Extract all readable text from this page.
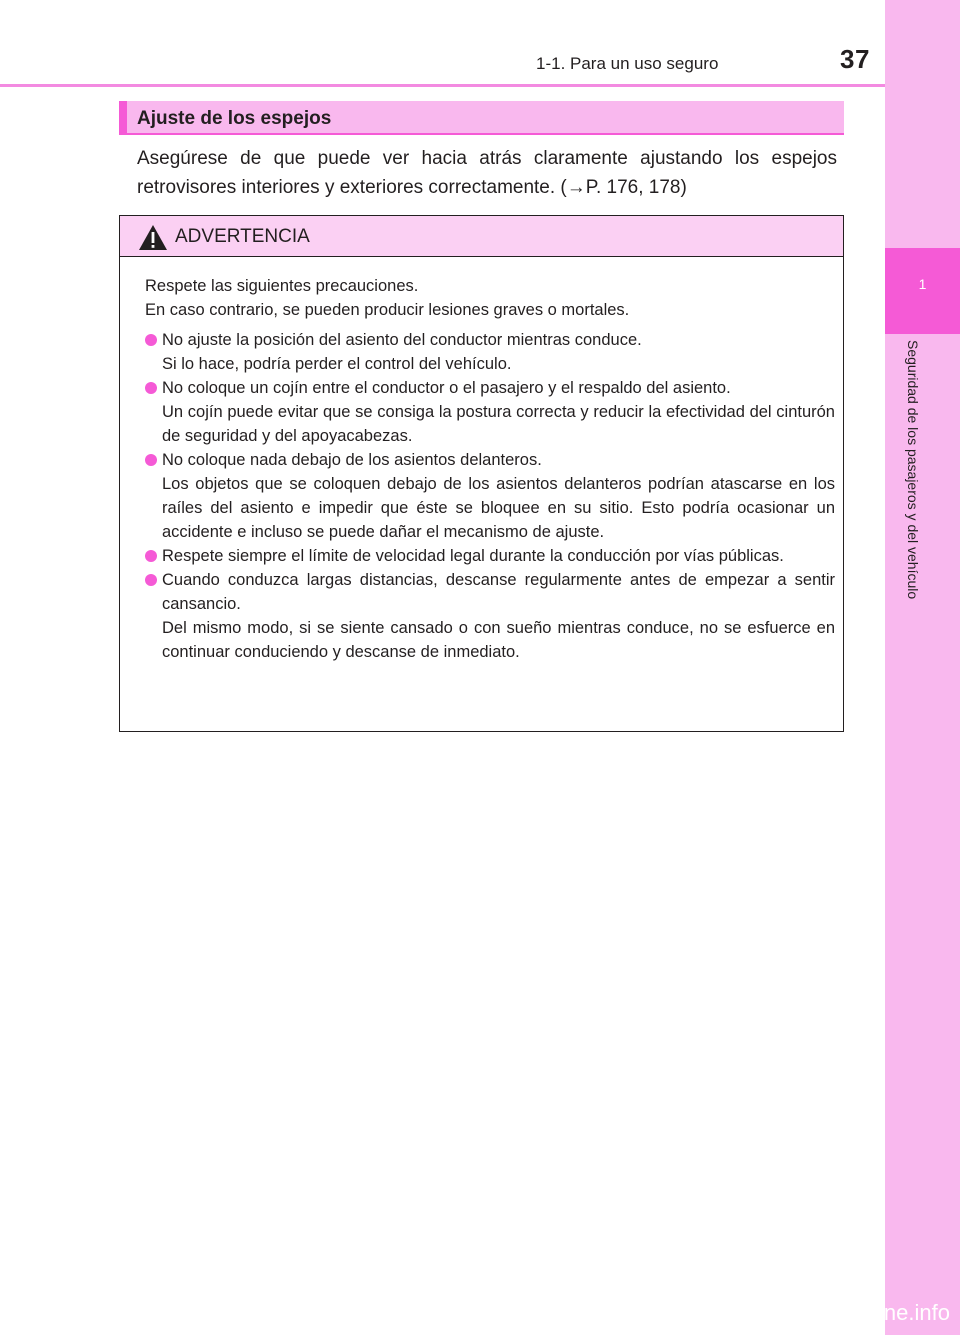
1
Seguridad de los pasajeros y del vehículo
1-1. Para un uso seguro	37
Ajuste de los espejos
Asegúrese de que puede ver hacia atrás claramente ajustando los espejos retrovisores interiores y exteriores correctamente. (→P. 176, 178)
ADVERTENCIA

Respete las siguientes precauciones.
En caso contrario, se pueden producir lesiones graves o mortales.

No ajuste la posición del asiento del conductor mientras conduce.
Si lo hace, podría perder el control del vehículo.

No coloque un cojín entre el conductor o el pasajero y el respaldo del asiento.
Un cojín puede evitar que se consiga la postura correcta y reducir la efectividad del cinturón de seguridad y del apoyacabezas.

No coloque nada debajo de los asientos delanteros.
Los objetos que se coloquen debajo de los asientos delanteros podrían atascarse en los raíles del asiento e impedir que éste se bloquee en su sitio. Esto podría ocasionar un accidente e incluso se puede dañar el mecanismo de ajuste.

Respete siempre el límite de velocidad legal durante la conducción por vías públicas.

Cuando conduzca largas distancias, descanse regularmente antes de empezar a sentir cansancio.
Del mismo modo, si se siente cansado o con sueño mientras conduce, no se esfuerce en continuar conduciendo y descanse de inmediato.

carmanualsonline.info
